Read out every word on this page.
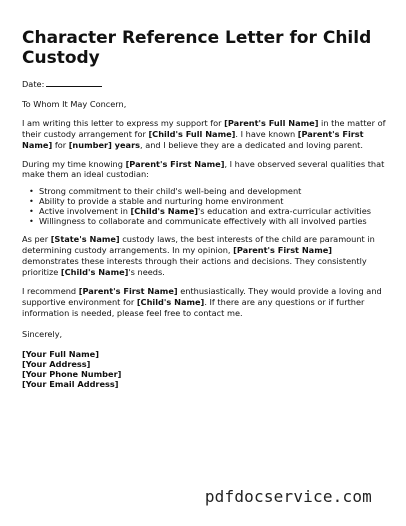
Character Reference Letter for Child Custody

Date:

To Whom It May Concern,

I am writing this letter to express my support for [Parent's Full Name] in the matter of their custody arrangement for [Child's Full Name]. I have known [Parent's First Name] for [number] years, and I believe they are a dedicated and loving parent.

During my time knowing [Parent's First Name], I have observed several qualities that make them an ideal custodian:

• Strong commitment to their child's well-being and development
• Ability to provide a stable and nurturing home environment
• Active involvement in [Child's Name]'s education and extra-curricular activities
• Willingness to collaborate and communicate effectively with all involved parties

As per [State's Name] custody laws, the best interests of the child are paramount in determining custody arrangements. In my opinion, [Parent's First Name] demonstrates these interests through their actions and decisions. They consistently prioritize [Child's Name]'s needs.

I recommend [Parent's First Name] enthusiastically. They would provide a loving and supportive environment for [Child's Name]. If there are any questions or if further information is needed, please feel free to contact me.

Sincerely,

[Your Full Name]
[Your Address]
[Your Phone Number]
[Your Email Address]
pdfdocservice.com
